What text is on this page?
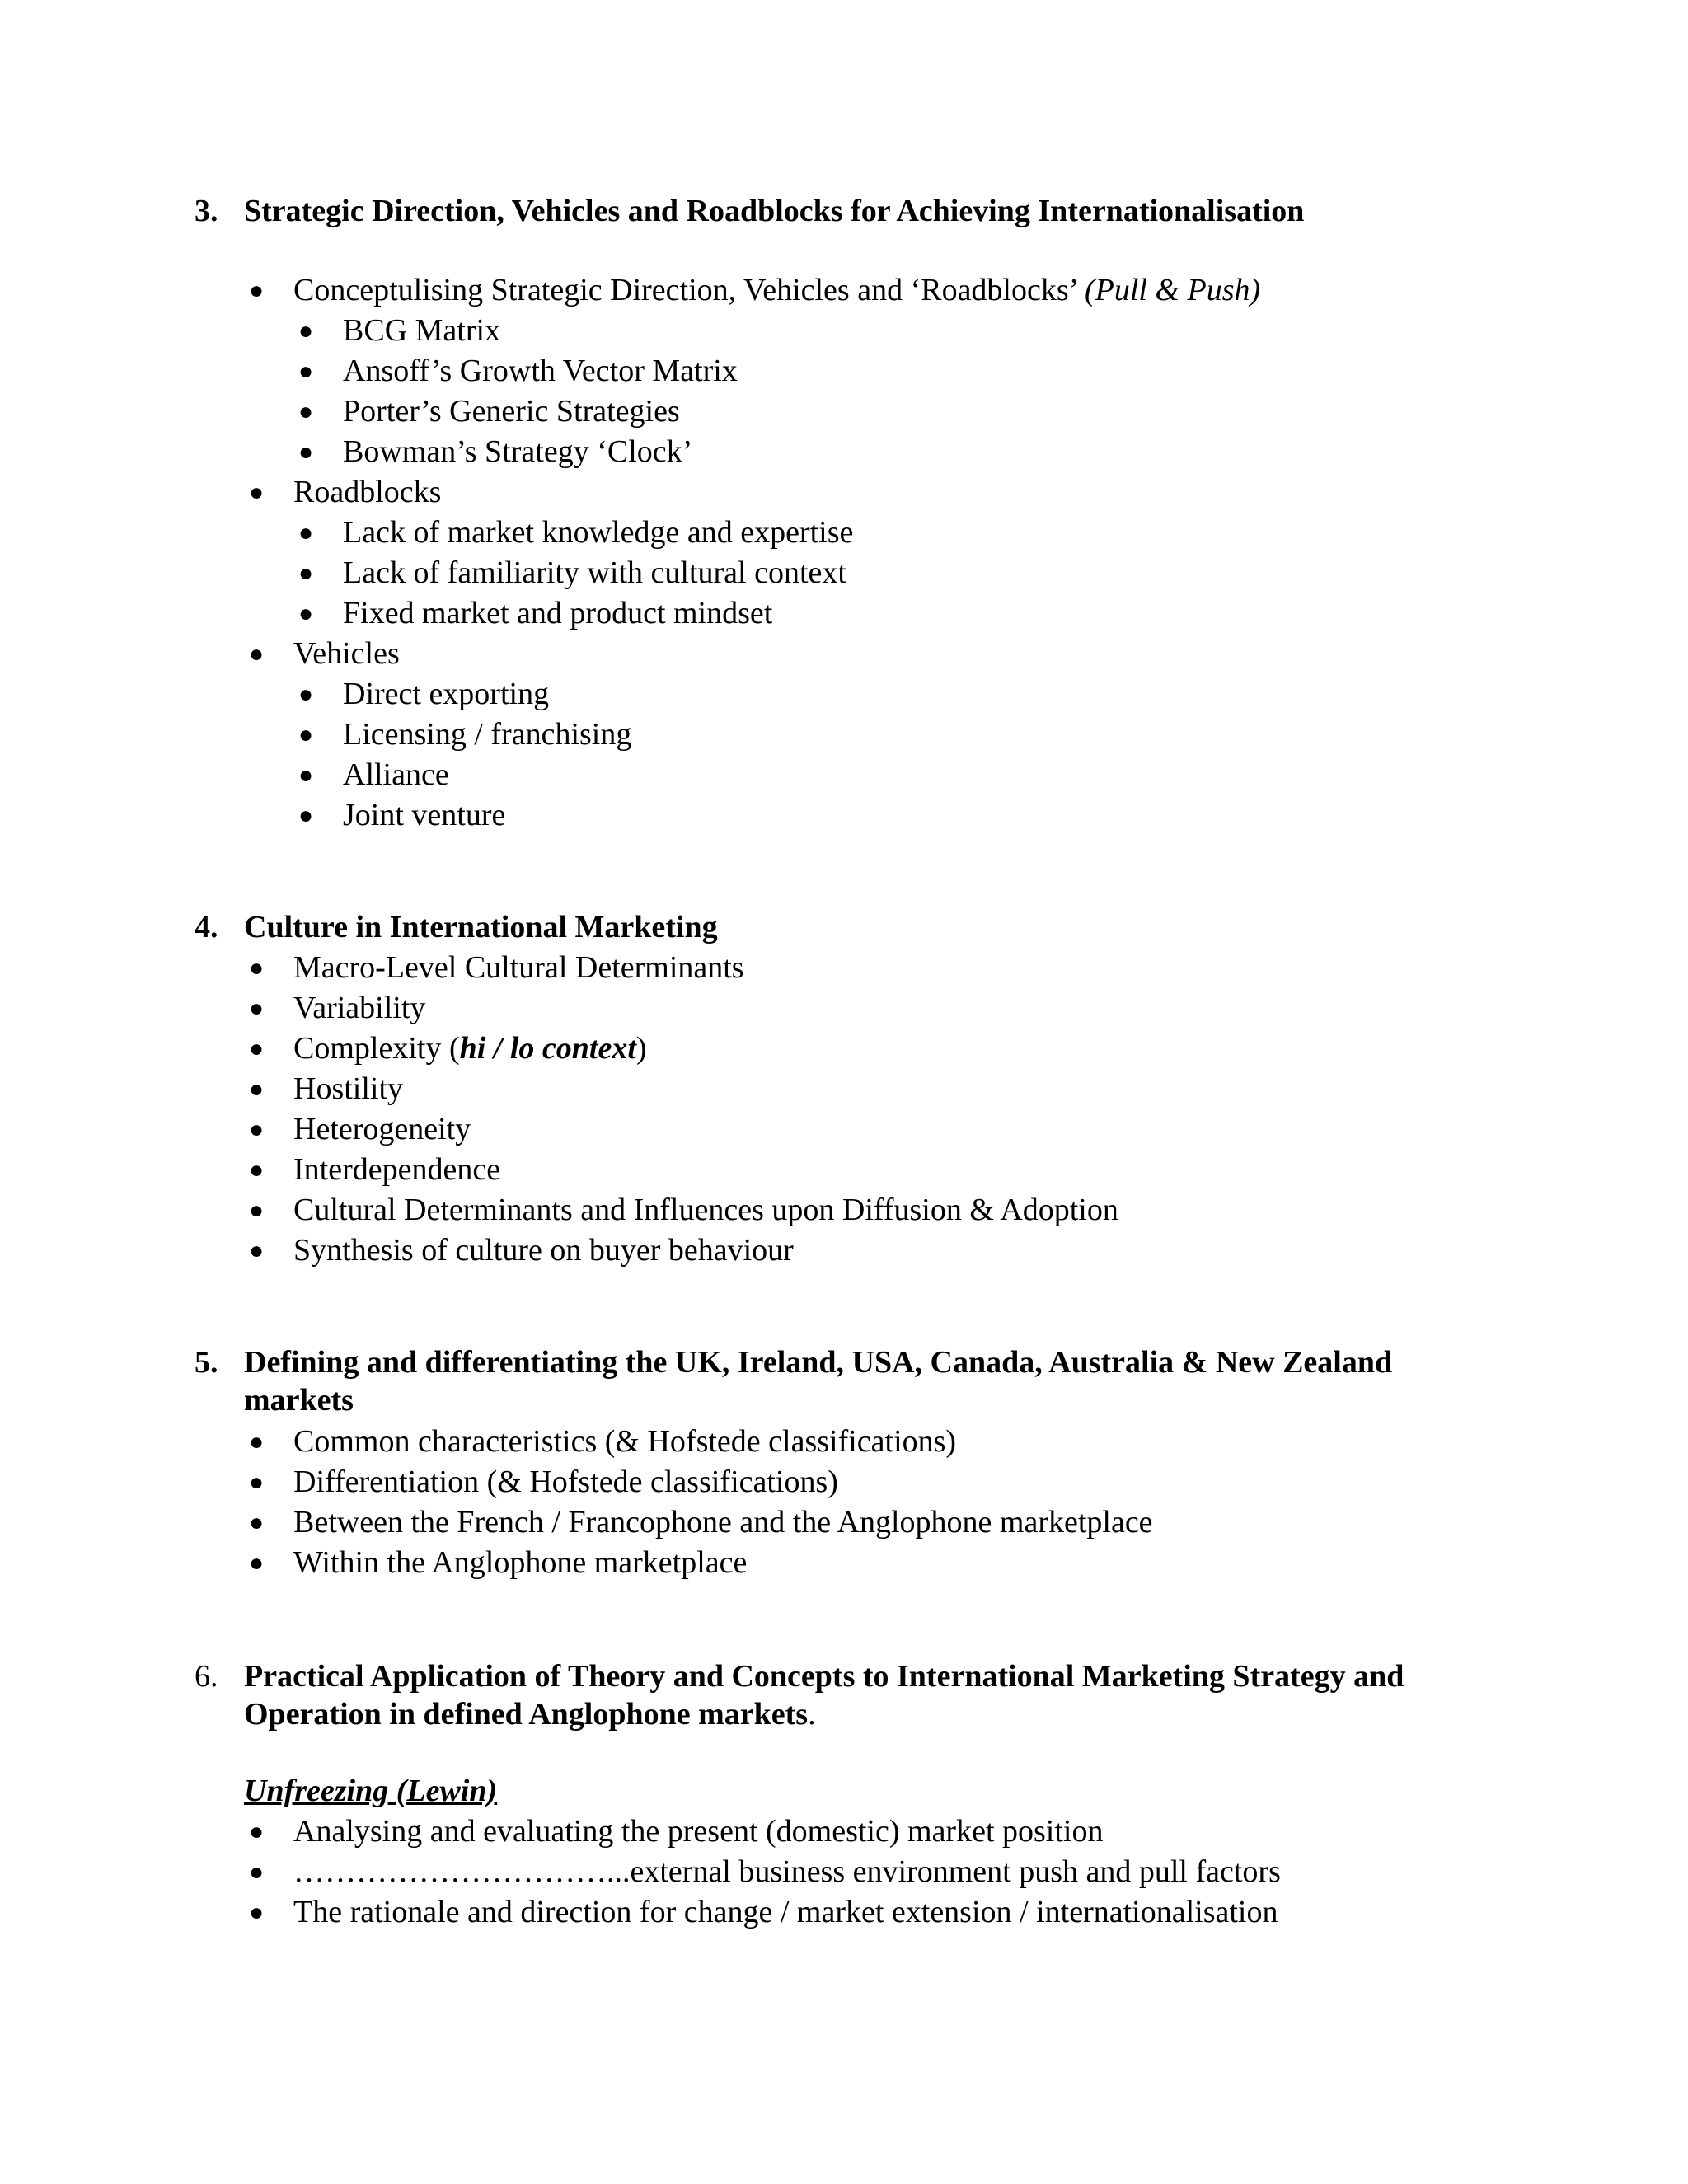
3. Strategic Direction, Vehicles and Roadblocks for Achieving Internationalisation
● Conceptulising Strategic Direction, Vehicles and ‘Roadblocks’ (Pull & Push)
● BCG Matrix
● Ansoff’s Growth Vector Matrix
● Porter’s Generic Strategies
● Bowman’s Strategy ‘Clock’
● Roadblocks
● Lack of market knowledge and expertise
● Lack of familiarity with cultural context
● Fixed market and product mindset
● Vehicles
● Direct exporting
● Licensing / franchising
● Alliance
● Joint venture
4. Culture in International Marketing
● Macro-Level Cultural Determinants
● Variability
● Complexity (hi / lo context)
● Hostility
● Heterogeneity
● Interdependence
● Cultural Determinants and Influences upon Diffusion & Adoption
● Synthesis of culture on buyer behaviour
5. Defining and differentiating the UK, Ireland, USA, Canada, Australia & New Zealand
markets
● Common characteristics (& Hofstede classifications)
● Differentiation (& Hofstede classifications)
● Between the French / Francophone and the Anglophone marketplace
● Within the Anglophone marketplace
6. Practical Application of Theory and Concepts to International Marketing Strategy and
Operation in defined Anglophone markets.
Unfreezing (Lewin)
● Analysing and evaluating the present (domestic) market position
● …………………………...external business environment push and pull factors
● The rationale and direction for change / market extension / internationalisation
